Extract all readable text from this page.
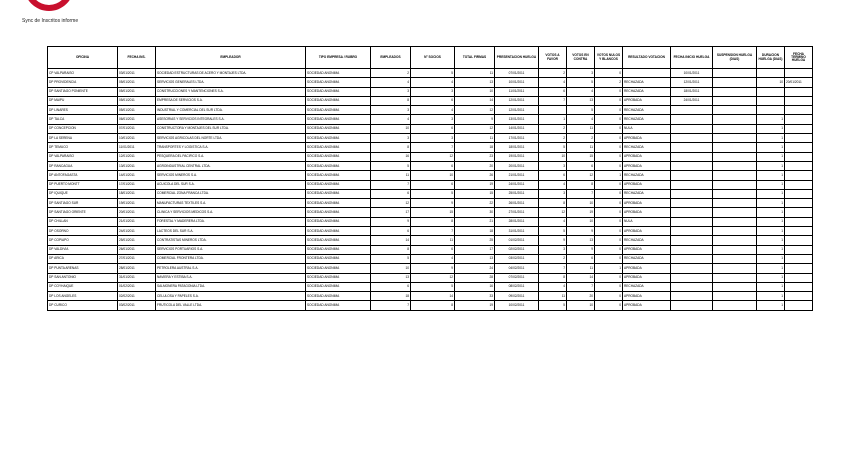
Sync de Inscritos informe
OFICINA	FECHA INS.	EMPLEADOR	TIPO EMPRESA / RUBRO	EMPLEADOS	N° SOCIOS	TOTAL FIRMAS	PRESENTACION HUELGA	VOTOS A FAVOR	VOTOS EN CONTRA	VOTOS NULOS Y BLANCOS	RESULTADO VOTACION	FECHA INICIO HUELGA	SUSPENSION HUELGA (DIAS)	DURACION HUELGA (DIAS)	FECHA TERMINO HUELGA
CP VALPARAISO	03/01/2011	SOCIEDAD ESTRUCTURAS DE ACERO Y MONTAJES LTDA.	SOCIEDAD ANONIMA	2	5	11	07/01/2011	2	3	0		10/01/2011			
DP PROVIDENCIA	05/01/2011	SERVICIOS GENERALES LTDA.	SOCIEDAD ANONIMA	4	4	13	10/01/2011	4	5	2	RECHAZADA	12/01/2011		10	20/01/2011
DP SANTIAGO PONIENTE	05/01/2011	CONSTRUCCIONES Y MANTENCIONES S.A.	SOCIEDAD ANONIMA	3	3	10	11/01/2011	6	4	0	RECHAZADA	18/01/2011			
DP MAIPU	05/01/2011	EMPRESA DE SERVICIOS S.A.	SOCIEDAD ANONIMA	8	6	14	12/01/2011	7	13	0	APROBADA	24/01/2011			
DP LINARES	05/01/2011	INDUSTRIAL Y COMERCIAL DEL SUR LTDA.	SOCIEDAD ANONIMA	3	4	12	12/01/2011		5	0	RECHAZADA				
DP TALCA	06/01/2011	ASESORIAS Y SERVICIOS INTEGRALES S.A.	SOCIEDAD ANONIMA	4	3	9	13/01/2011	1	4	0	RECHAZADA			1	
DP CONCEPCION	07/01/2011	CONSTRUCTORA Y MONTAJES DEL SUR LTDA.	SOCIEDAD ANONIMA	10	6	12	14/01/2011	2	11	0	NULA			1	
DP LA SERENA	10/01/2011	SERVICIOS AGRICOLAS DEL NORTE LTDA.	SOCIEDAD ANONIMA	3	3	11	17/01/2011	2	2	0	APROBADA			1	
DP TEMUCO	11/01/2011	TRANSPORTES Y LOGISTICA S.A.	SOCIEDAD ANONIMA	8	7	18	18/01/2011	5	11	0	RECHAZADA			1	
DP VALPARAISO	12/01/2011	PESQUERA DEL PACIFICO S.A.	SOCIEDAD ANONIMA	16	12	23	19/01/2011	10	15	0	APROBADA			1	
DP RANCAGUA	13/01/2011	AGROINDUSTRIAL CENTRAL LTDA.	SOCIEDAD ANONIMA	5	6	20	20/01/2011	3	6	0	APROBADA			1	
DP ANTOFAGASTA	14/01/2011	SERVICIOS MINEROS S.A.	SOCIEDAD ANONIMA	11	10	26	21/01/2011	6	12	1	RECHAZADA			1	
DP PUERTO MONTT	17/01/2011	ACUICOLA DEL SUR S.A.	SOCIEDAD ANONIMA	7	6	19	24/01/2011	4	8	0	APROBADA			1	
DP IQUIQUE	18/01/2011	COMERCIAL ZONA FRANCA LTDA.	SOCIEDAD ANONIMA	6	5	15	25/01/2011	3	7	0	RECHAZADA			1	
DP SANTIAGO SUR	19/01/2011	MANUFACTURAS TEXTILES S.A.	SOCIEDAD ANONIMA	12	9	22	26/01/2011	8	10	0	APROBADA			1	
DP SANTIAGO ORIENTE	20/01/2011	CLINICA Y SERVICIOS MEDICOS S.A.	SOCIEDAD ANONIMA	17	15	30	27/01/2011	12	19	0	APROBADA			1	
DP CHILLAN	21/01/2011	FORESTAL Y MADERERA LTDA.	SOCIEDAD ANONIMA	9	8	21	28/01/2011	4	10	0	NULA			1	
DP OSORNO	24/01/2011	LACTEOS DEL SUR S.A.	SOCIEDAD ANONIMA	6	7	18	31/01/2011	5	9	0	APROBADA			1	
DP COPIAPO	25/01/2011	CONTRATISTAS MINEROS LTDA.	SOCIEDAD ANONIMA	14	11	25	01/02/2011	9	13	0	RECHAZADA			1	
DP VALDIVIA	26/01/2011	SERVICIOS PORTUARIOS S.A.	SOCIEDAD ANONIMA	8	6	17	02/02/2011	3	9	0	APROBADA			1	
DP ARICA	27/01/2011	COMERCIAL FRONTERA LTDA.	SOCIEDAD ANONIMA	5	4	13	03/02/2011	2	6	0	RECHAZADA			1	
DP PUNTA ARENAS	28/01/2011	PETROLERA AUSTRAL S.A.	SOCIEDAD ANONIMA	10	9	24	04/02/2011	7	11	1	APROBADA			1	
DP SAN ANTONIO	31/01/2011	NAVIERA Y ESTIBA S.A.	SOCIEDAD ANONIMA	13	12	28	07/02/2011	8	14	0	APROBADA			1	
DP COYHAIQUE	01/02/2011	SALMONERA PATAGONIA LTDA.	SOCIEDAD ANONIMA	6	5	16	08/02/2011	4	7	0	RECHAZADA			1	
DP LOS ANGELES	02/02/2011	CELULOSA Y PAPELES S.A.	SOCIEDAD ANONIMA	18	14	33	09/02/2011	11	20	0	APROBADA			1	
DP CURICO	03/02/2011	FRUTICOLA DEL VALLE LTDA.	SOCIEDAD ANONIMA	7	8	19	10/02/2011	5	10	0	APROBADA			1	
